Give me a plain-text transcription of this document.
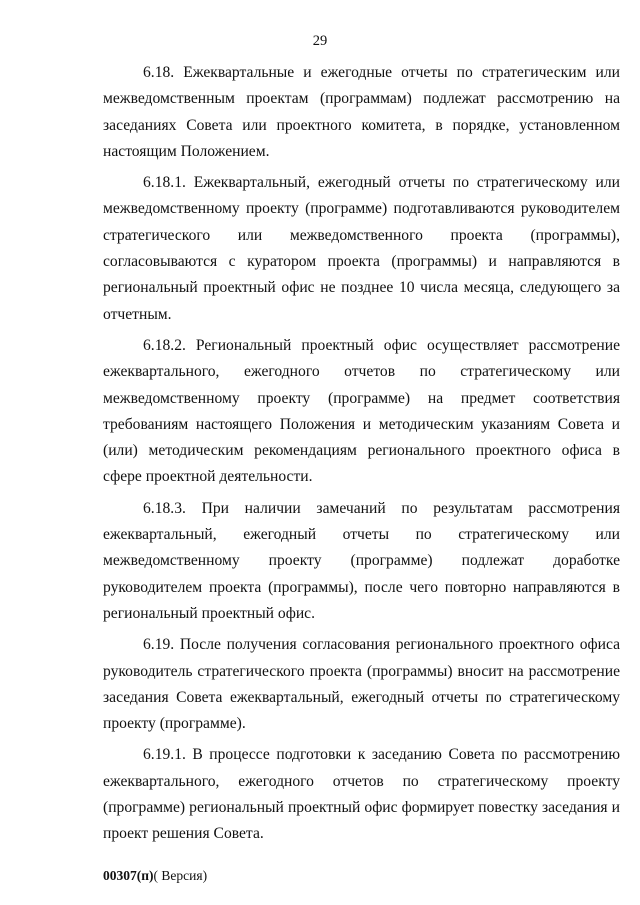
29

6.18. Ежеквартальные и ежегодные отчеты по стратегическим или межведомственным проектам (программам) подлежат рассмотрению на заседаниях Совета или проектного комитета, в порядке, установленном настоящим Положением.

6.18.1. Ежеквартальный, ежегодный отчеты по стратегическому или межведомственному проекту (программе) подготавливаются руководителем стратегического или межведомственного проекта (программы), согласовываются с куратором проекта (программы) и направляются в региональный проектный офис не позднее 10 числа месяца, следующего за отчетным.

6.18.2. Региональный проектный офис осуществляет рассмотрение ежеквартального, ежегодного отчетов по стратегическому или межведомственному проекту (программе) на предмет соответствия требованиям настоящего Положения и методическим указаниям Совета и (или) методическим рекомендациям регионального проектного офиса в сфере проектной деятельности.

6.18.3. При наличии замечаний по результатам рассмотрения ежеквартальный, ежегодный отчеты по стратегическому или межведомственному проекту (программе) подлежат доработке руководителем проекта (программы), после чего повторно направляются в региональный проектный офис.

6.19. После получения согласования регионального проектного офиса руководитель стратегического проекта (программы) вносит на рассмотрение заседания Совета ежеквартальный, ежегодный отчеты по стратегическому проекту (программе).

6.19.1. В процессе подготовки к заседанию Совета по рассмотрению ежеквартального, ежегодного отчетов по стратегическому проекту (программе) региональный проектный офис формирует повестку заседания и проект решения Совета.

00307(п)( Версия)
